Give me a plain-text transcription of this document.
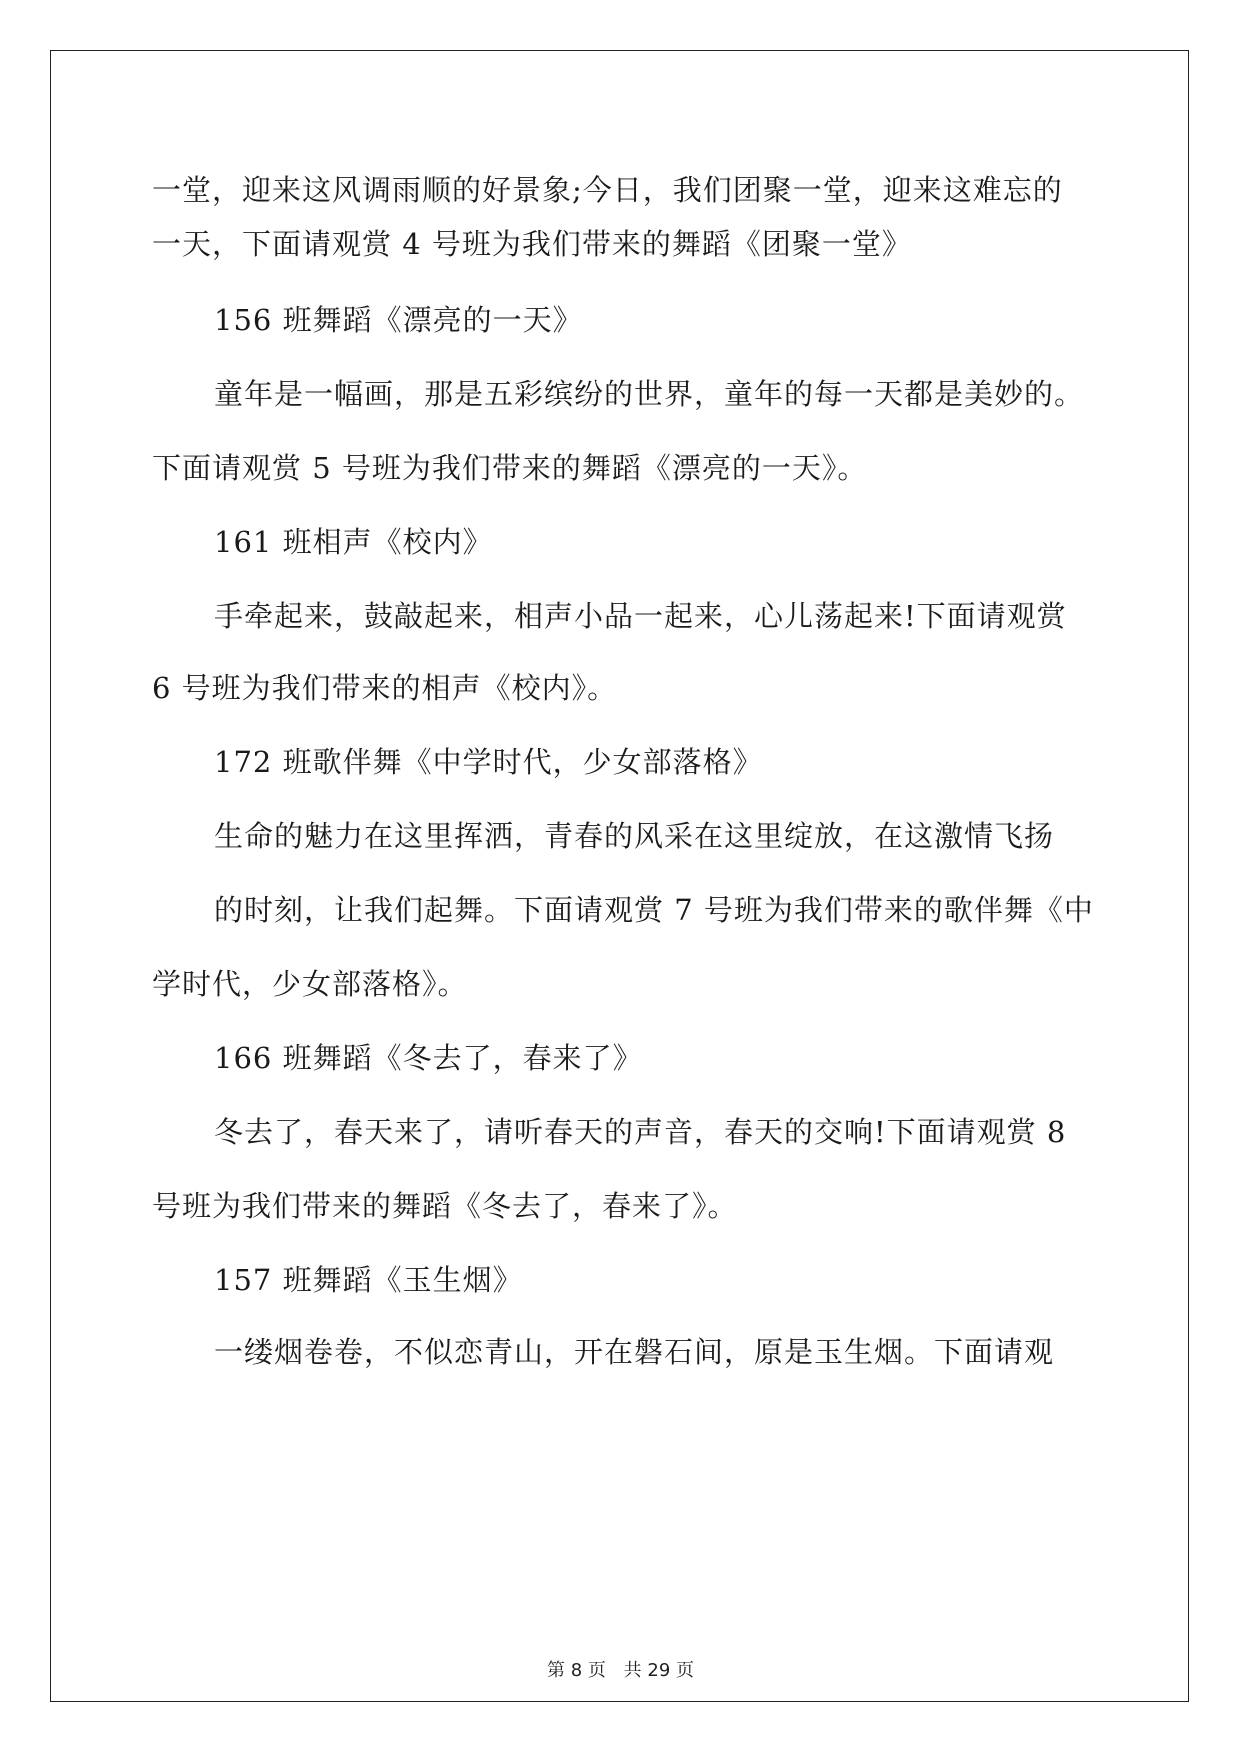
一堂，迎来这风调雨顺的好景象;今日，我们团聚一堂，迎来这难忘的
一天，下面请观赏 4 号班为我们带来的舞蹈《团聚一堂》
156 班舞蹈《漂亮的一天》
童年是一幅画，那是五彩缤纷的世界，童年的每一天都是美妙的。
下面请观赏 5 号班为我们带来的舞蹈《漂亮的一天》。
161 班相声《校内》
手牵起来，鼓敲起来，相声小品一起来，心儿荡起来!下面请观赏
6 号班为我们带来的相声《校内》。
172 班歌伴舞《中学时代，少女部落格》
生命的魅力在这里挥洒，青春的风采在这里绽放，在这激情飞扬
的时刻，让我们起舞。下面请观赏 7 号班为我们带来的歌伴舞《中
学时代，少女部落格》。
166 班舞蹈《冬去了，春来了》
冬去了，春天来了，请听春天的声音，春天的交响!下面请观赏 8
号班为我们带来的舞蹈《冬去了，春来了》。
157 班舞蹈《玉生烟》
一缕烟卷卷，不似恋青山，开在磐石间，原是玉生烟。下面请观
第 8 页 共 29 页
